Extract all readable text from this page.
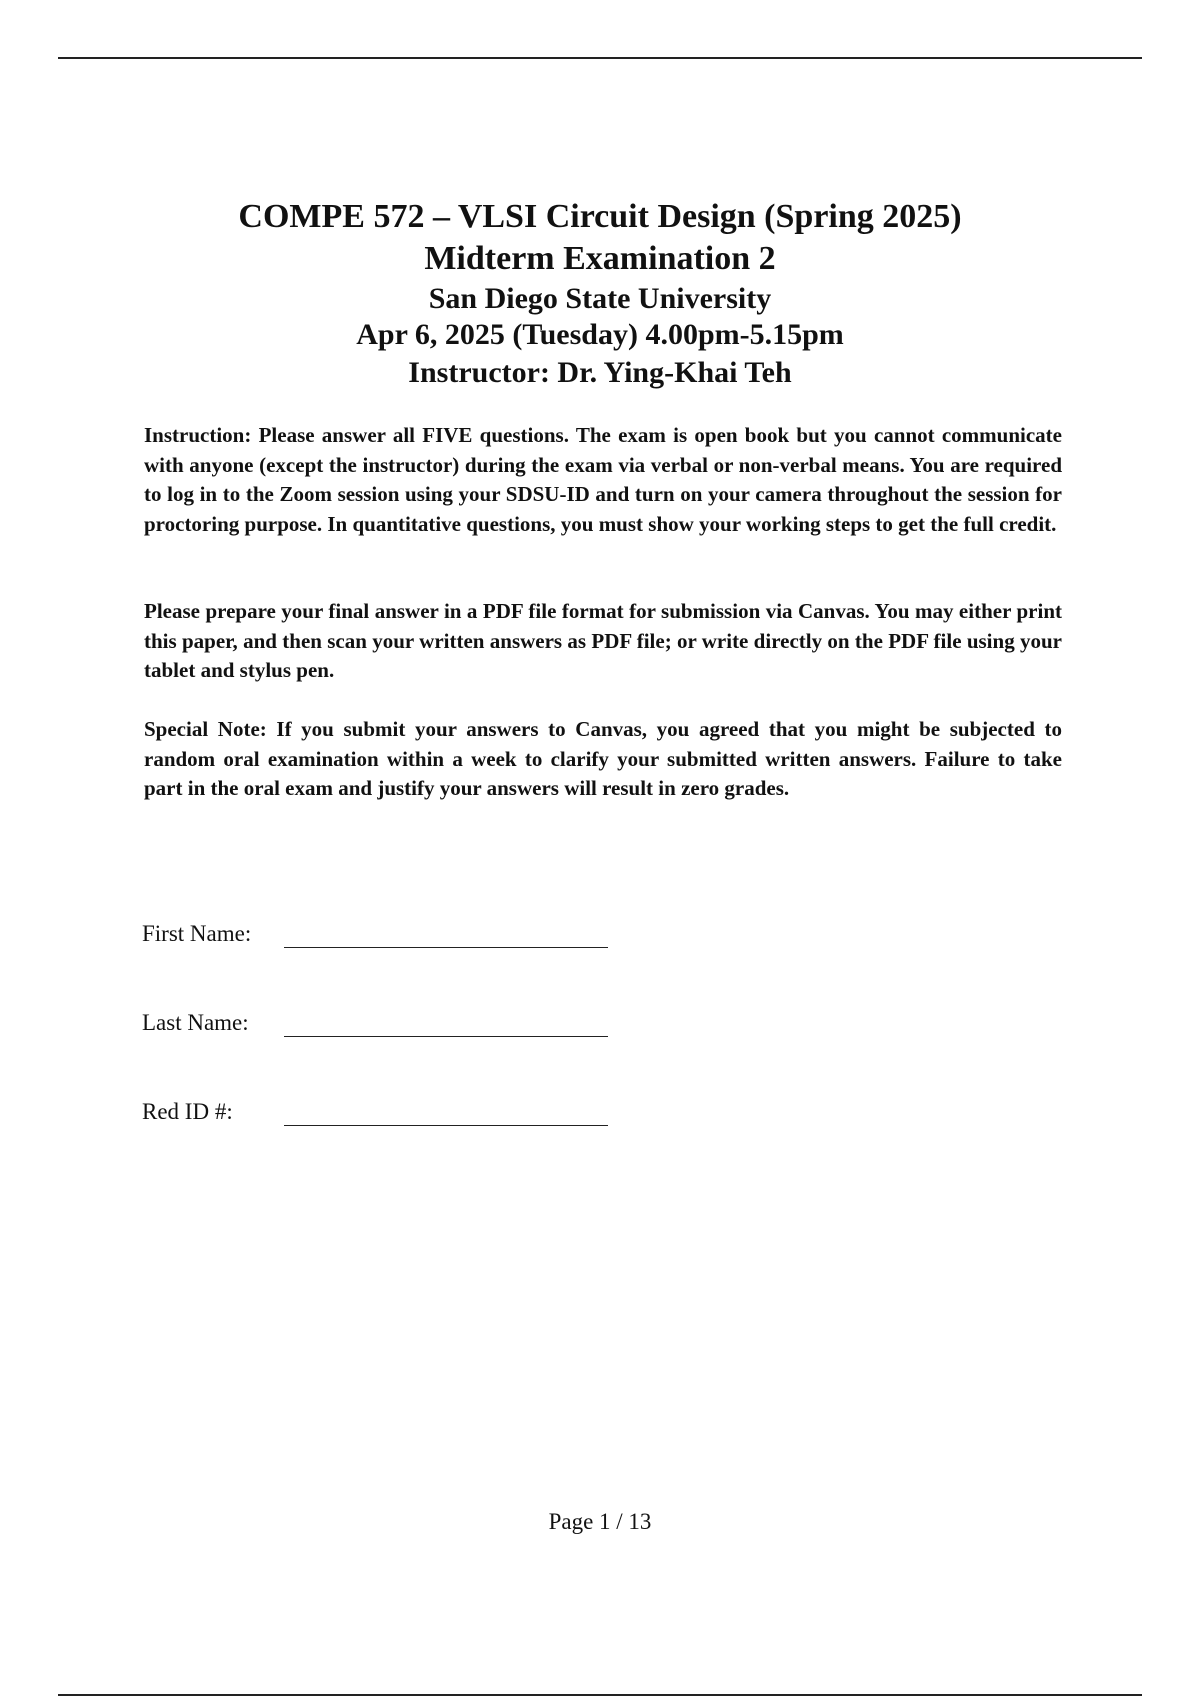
COMPE 572 – VLSI Circuit Design (Spring 2025)
Midterm Examination 2
San Diego State University
Apr 6, 2025 (Tuesday) 4.00pm-5.15pm
Instructor: Dr. Ying-Khai Teh

Instruction: Please answer all FIVE questions. The exam is open book but you cannot communicate with anyone (except the instructor) during the exam via verbal or non-verbal means. You are required to log in to the Zoom session using your SDSU-ID and turn on your camera throughout the session for proctoring purpose. In quantitative questions, you must show your working steps to get the full credit.

Please prepare your final answer in a PDF file format for submission via Canvas. You may either print this paper, and then scan your written answers as PDF file; or write directly on the PDF file using your tablet and stylus pen.

Special Note: If you submit your answers to Canvas, you agreed that you might be subjected to random oral examination within a week to clarify your submitted written answers. Failure to take part in the oral exam and justify your answers will result in zero grades.

First Name:
Last Name:
Red ID #:
Page 1 / 13
